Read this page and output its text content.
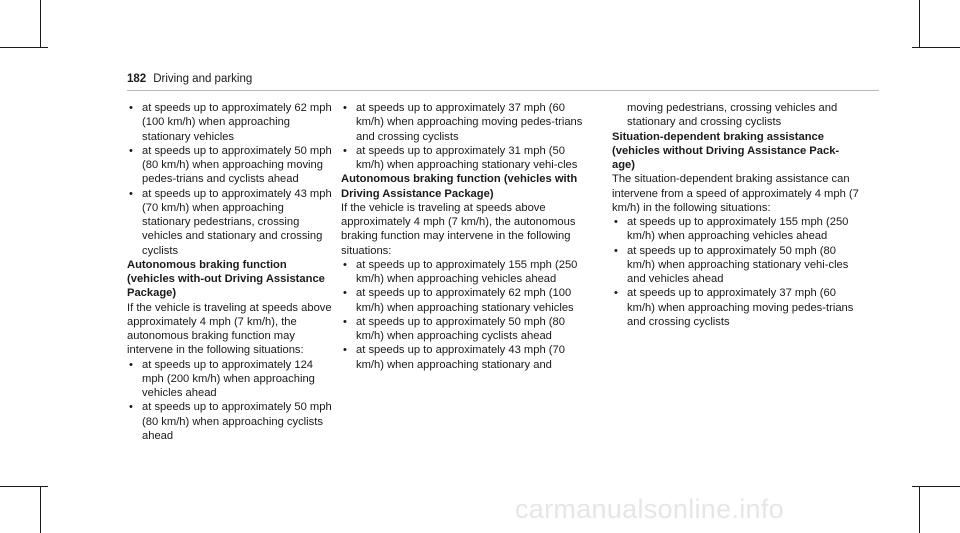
182 Driving and parking
• at speeds up to approximately 62 mph (100 km/h) when approaching stationary vehicles
• at speeds up to approximately 50 mph (80 km/h) when approaching moving pedes-trians and cyclists ahead
• at speeds up to approximately 43 mph (70 km/h) when approaching stationary pedestrians, crossing vehicles and stationary and crossing cyclists

Autonomous braking function (vehicles with-out Driving Assistance Package)

If the vehicle is traveling at speeds above approximately 4 mph (7 km/h), the autonomous braking function may intervene in the following situations:

• at speeds up to approximately 124 mph (200 km/h) when approaching vehicles ahead
• at speeds up to approximately 50 mph (80 km/h) when approaching cyclists ahead
• at speeds up to approximately 37 mph (60 km/h) when approaching moving pedes-trians and crossing cyclists
• at speeds up to approximately 31 mph (50 km/h) when approaching stationary vehi-cles

Autonomous braking function (vehicles with Driving Assistance Package)

If the vehicle is traveling at speeds above approximately 4 mph (7 km/h), the autonomous braking function may intervene in the following situations:

• at speeds up to approximately 155 mph (250 km/h) when approaching vehicles ahead
• at speeds up to approximately 62 mph (100 km/h) when approaching stationary vehicles
• at speeds up to approximately 50 mph (80 km/h) when approaching cyclists ahead
• at speeds up to approximately 43 mph (70 km/h) when approaching stationary and

moving pedestrians, crossing vehicles and stationary and crossing cyclists

Situation-dependent braking assistance (vehicles without Driving Assistance Pack-age)

The situation-dependent braking assistance can intervene from a speed of approximately 4 mph (7 km/h) in the following situations:

• at speeds up to approximately 155 mph (250 km/h) when approaching vehicles ahead
• at speeds up to approximately 50 mph (80 km/h) when approaching stationary vehi-cles and vehicles ahead
• at speeds up to approximately 37 mph (60 km/h) when approaching moving pedes-trians and crossing cyclists
carmanualsonline.info
